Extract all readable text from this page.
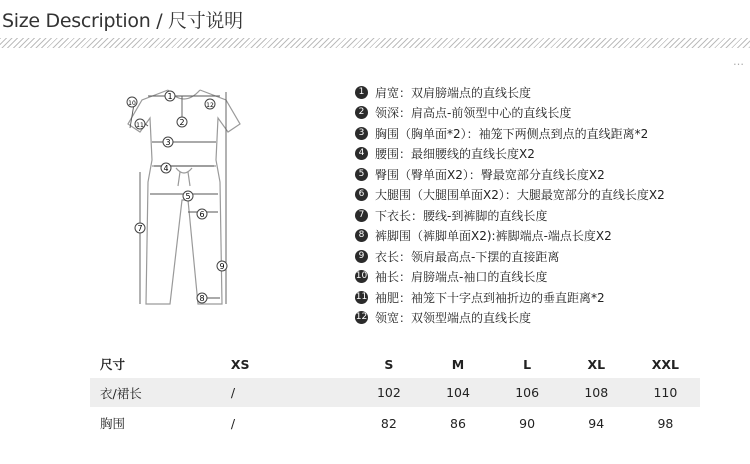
Size Description / 尺寸说明
…
1
2
3
4
5
6
7
8
9
10
11
12
1 肩宽：双肩膀端点的直线长度
2 领深：肩高点-前领型中心的直线长度
3 胸围（胸单面*2）：袖笼下两侧点到点的直线距离*2
4 腰围：最细腰线的直线长度X2
5 臀围（臀单面X2）：臀最宽部分直线长度X2
6 大腿围（大腿围单面X2）：大腿最宽部分的直线长度X2
7 下衣长：腰线-到裤脚的直线长度
8 裤脚围（裤脚单面X2):裤脚端点-端点长度X2
9 衣长：领肩最高点-下摆的直接距离
10 袖长：肩膀端点-袖口的直线长度
11 袖肥：袖笼下十字点到袖折边的垂直距离*2
12 领宽：双领型端点的直线长度
尺寸	XS	S	M	L	XL	XXL
衣/裙长	/	102	104	106	108	110
胸围	/	82	86	90	94	98
